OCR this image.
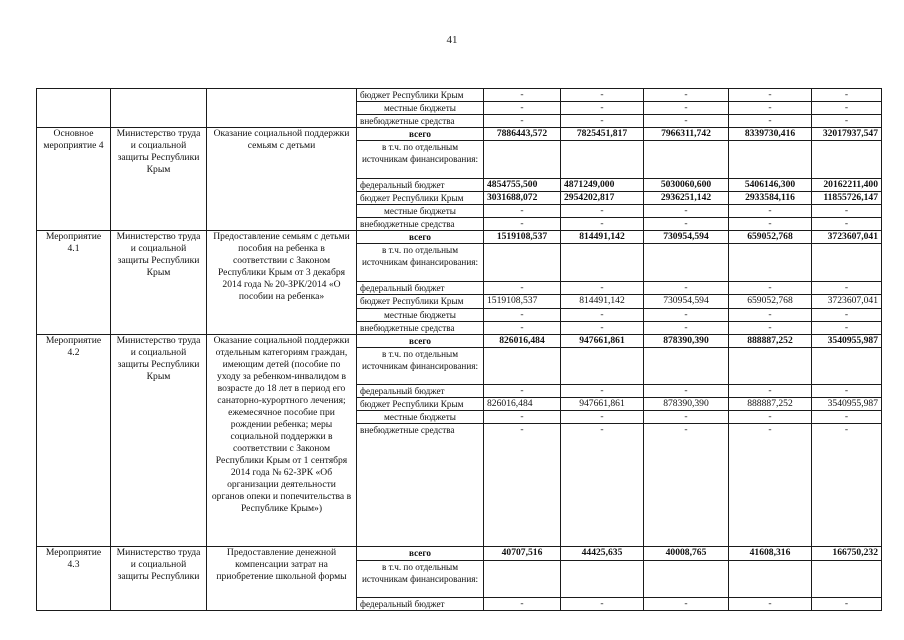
41
			бюджет Республики Крым	-	-	-	-	-
			местные бюджеты	-	-	-	-	-
			внебюджетные средства	-	-	-	-	-
Основное мероприятие 4	Министерство труда и социальной защиты Республики Крым	Оказание социальной поддержки семьям с детьми	всего	7886443,572	7825451,817	7966311,742	8339730,416	32017937,547
			в т.ч. по отдельным источникам финансирования:					
			федеральный бюджет	4854755,500	4871249,000	5030060,600	5406146,300	20162211,400
			бюджет Республики Крым	3031688,072	2954202,817	2936251,142	2933584,116	11855726,147
			местные бюджеты	-	-	-	-	-
			внебюджетные средства	-	-	-	-	-
Мероприятие 4.1	Министерство труда и социальной защиты Республики Крым	Предоставление семьям с детьми пособия на ребенка в соответствии с Законом Республики Крым от 3 декабря 2014 года № 20-ЗРК/2014 «О пособии на ребенка»	всего	1519108,537	814491,142	730954,594	659052,768	3723607,041
			в т.ч. по отдельным источникам финансирования:					
			федеральный бюджет	-	-	-	-	-
			бюджет Республики Крым	1519108,537	814491,142	730954,594	659052,768	3723607,041
			местные бюджеты	-	-	-	-	-
			внебюджетные средства	-	-	-	-	-
Мероприятие 4.2	Министерство труда и социальной защиты Республики Крым	Оказание социальной поддержки отдельным категориям граждан, имеющим детей (пособие по уходу за ребенком-инвалидом в возрасте до 18 лет в период его санаторно-курортного лечения; ежемесячное пособие при рождении ребенка; меры социальной поддержки в соответствии с Законом Республики Крым от 1 сентября 2014 года № 62-ЗРК «Об организации деятельности органов опеки и попечительства в Республике Крым»)	всего	826016,484	947661,861	878390,390	888887,252	3540955,987
			в т.ч. по отдельным источникам финансирования:					
			федеральный бюджет	-	-	-	-	-
			бюджет Республики Крым	826016,484	947661,861	878390,390	888887,252	3540955,987
			местные бюджеты	-	-	-	-	-
			внебюджетные средства	-	-	-	-	-
Мероприятие 4.3	Министерство труда и социальной защиты Республики	Предоставление денежной компенсации затрат на приобретение школьной формы	всего	40707,516	44425,635	40008,765	41608,316	166750,232
			в т.ч. по отдельным источникам финансирования:					
			федеральный бюджет	-	-	-	-	-
